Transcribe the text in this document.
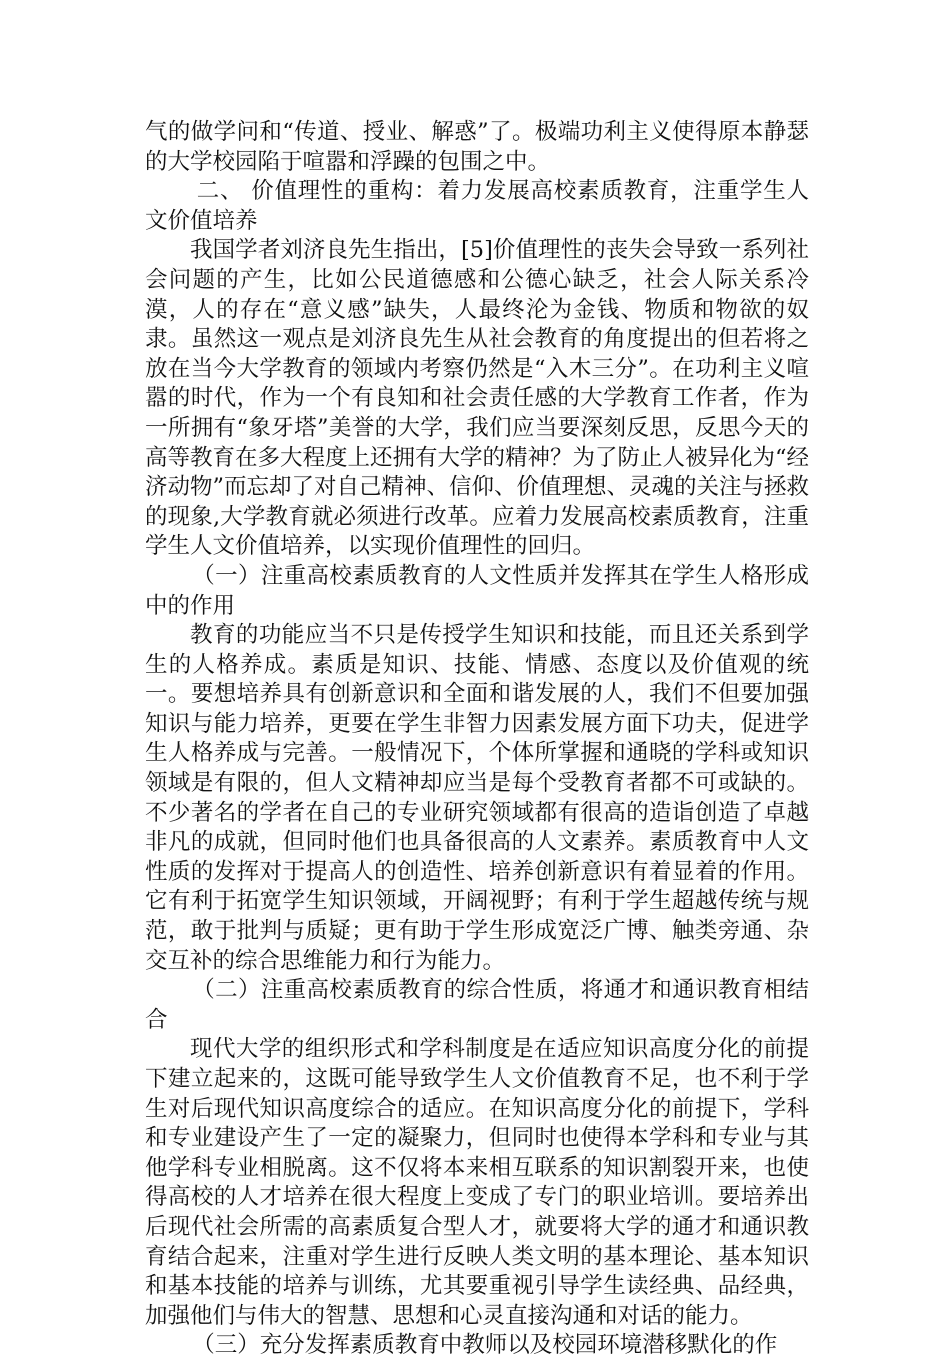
气的做学问和“传道、授业、解惑”了。极端功利主义使得原本静瑟的大学校园陷于喧嚣和浮躁的包围之中。

二、 价值理性的重构：着力发展高校素质教育，注重学生人文价值培养

我国学者刘济良先生指出，[5]价值理性的丧失会导致一系列社会问题的产生，比如公民道德感和公德心缺乏，社会人际关系冷漠，人的存在“意义感”缺失，人最终沦为金钱、物质和物欲的奴隶。虽然这一观点是刘济良先生从社会教育的角度提出的但若将之放在当今大学教育的领域内考察仍然是“入木三分”。在功利主义喧嚣的时代，作为一个有良知和社会责任感的大学教育工作者，作为一所拥有“象牙塔”美誉的大学，我们应当要深刻反思，反思今天的高等教育在多大程度上还拥有大学的精神？为了防止人被异化为“经济动物”而忘却了对自己精神、信仰、价值理想、灵魂的关注与拯救的现象,大学教育就必须进行改革。应着力发展高校素质教育，注重学生人文价值培养，以实现价值理性的回归。

（一）注重高校素质教育的人文性质并发挥其在学生人格形成中的作用

教育的功能应当不只是传授学生知识和技能，而且还关系到学生的人格养成。素质是知识、技能、情感、态度以及价值观的统一。要想培养具有创新意识和全面和谐发展的人，我们不但要加强知识与能力培养，更要在学生非智力因素发展方面下功夫，促进学生人格养成与完善。一般情况下，个体所掌握和通晓的学科或知识领域是有限的，但人文精神却应当是每个受教育者都不可或缺的。不少著名的学者在自己的专业研究领域都有很高的造诣创造了卓越非凡的成就，但同时他们也具备很高的人文素养。素质教育中人文性质的发挥对于提高人的创造性、培养创新意识有着显着的作用。它有利于拓宽学生知识领域，开阔视野；有利于学生超越传统与规范，敢于批判与质疑；更有助于学生形成宽泛广博、触类旁通、杂交互补的综合思维能力和行为能力。

（二）注重高校素质教育的综合性质，将通才和通识教育相结合

现代大学的组织形式和学科制度是在适应知识高度分化的前提下建立起来的，这既可能导致学生人文价值教育不足，也不利于学生对后现代知识高度综合的适应。在知识高度分化的前提下，学科和专业建设产生了一定的凝聚力，但同时也使得本学科和专业与其他学科专业相脱离。这不仅将本来相互联系的知识割裂开来，也使得高校的人才培养在很大程度上变成了专门的职业培训。要培养出后现代社会所需的高素质复合型人才，就要将大学的通才和通识教育结合起来，注重对学生进行反映人类文明的基本理论、基本知识和基本技能的培养与训练，尤其要重视引导学生读经典、品经典，加强他们与伟大的智慧、思想和心灵直接沟通和对话的能力。

（三）充分发挥素质教育中教师以及校园环境潜移默化的作
